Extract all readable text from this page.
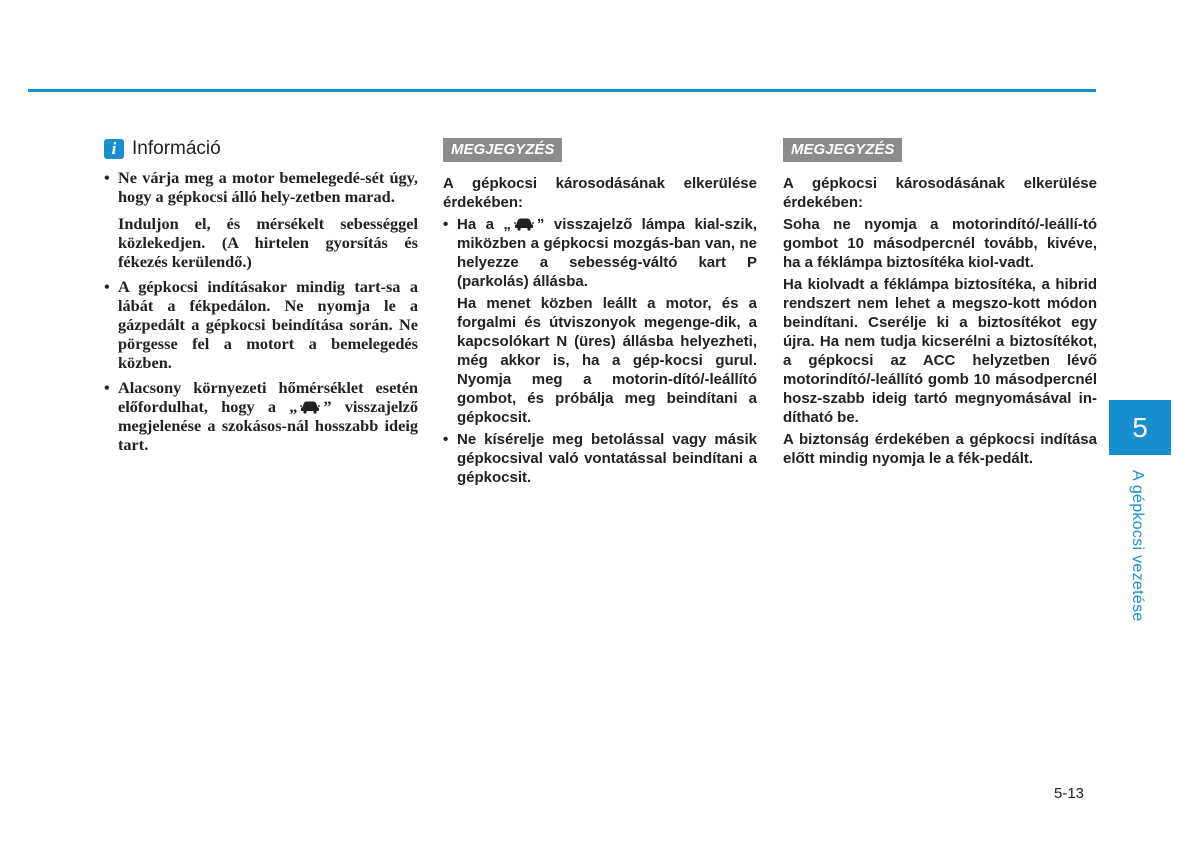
i Információ

• Ne várja meg a motor bemelegedé-sét úgy, hogy a gépkocsi álló hely-zetben marad.

Induljon el, és mérsékelt sebességgel közlekedjen. (A hirtelen gyorsítás és fékezés kerülendő.)

• A gépkocsi indításakor mindig tart-sa a lábát a fékpedálon. Ne nyomja le a gázpedált a gépkocsi beindítása során. Ne pörgesse fel a motort a bemelegedés közben.

• Alacsony környezeti hőmérséklet esetén előfordulhat, hogy a „ ” visszajelző megjelenése a szokásos-nál hosszabb ideig tart.

MEGJEGYZÉS
A gépkocsi károsodásának elkerülése érdekében:

• Ha a „ ” visszajelző lámpa kial-szik, miközben a gépkocsi mozgás-ban van, ne helyezze a sebesség-váltó kart P (parkolás) állásba.

Ha menet közben leállt a motor, és a forgalmi és útviszonyok megenge-dik, a kapcsolókart N (üres) állásba helyezheti, még akkor is, ha a gép-kocsi gurul. Nyomja meg a motorin-dító/-leállító gombot, és próbálja meg beindítani a gépkocsit.

• Ne kísérelje meg betolással vagy másik gépkocsival való vontatással beindítani a gépkocsit.

MEGJEGYZÉS
A gépkocsi károsodásának elkerülése érdekében:

Soha ne nyomja a motorindító/-leállí-tó gombot 10 másodpercnél tovább, kivéve, ha a féklámpa biztosítéka kiol-vadt.

Ha kiolvadt a féklámpa biztosítéka, a hibrid rendszert nem lehet a megszo-kott módon beindítani. Cserélje ki a biztosítékot egy újra. Ha nem tudja kicserélni a biztosítékot, a gépkocsi az ACC helyzetben lévő motorindító/-leállító gomb 10 másodpercnél hosz-szabb ideig tartó megnyomásával in-dítható be.

A biztonság érdekében a gépkocsi indítása előtt mindig nyomja le a fék-pedált.

5
A gépkocsi vezetése
5-13
